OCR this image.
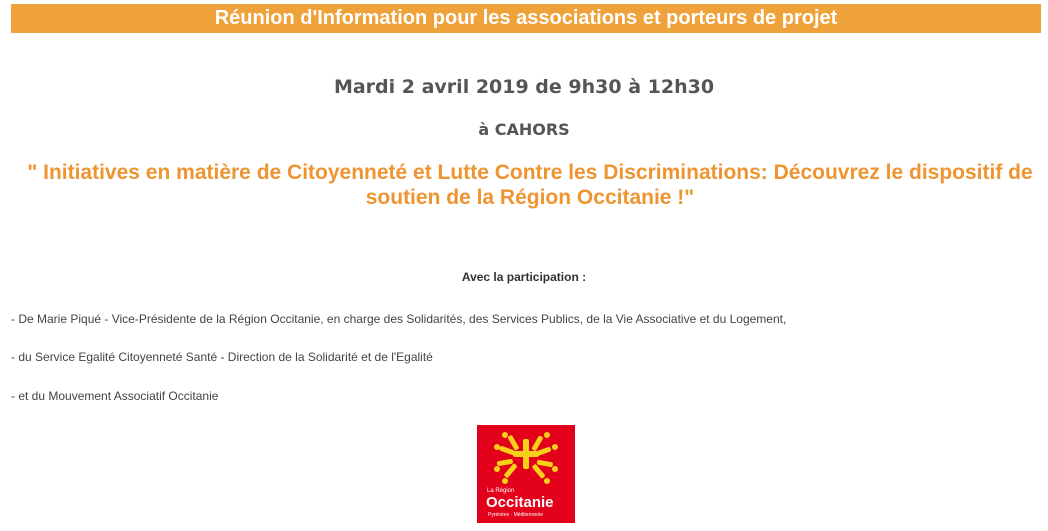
Réunion d'Information pour les associations et porteurs de projet
Mardi 2 avril 2019 de 9h30 à 12h30
à CAHORS
" Initiatives en matière de Citoyenneté et Lutte Contre les Discriminations: Découvrez le dispositif de soutien de la Région Occitanie !"
Avec la participation :
- De Marie Piqué - Vice-Présidente de la Région Occitanie, en charge des Solidarités, des Services Publics, de la Vie Associative et du Logement,
- du Service Egalité Citoyenneté Santé - Direction de la Solidarité et de l'Egalité
- et du Mouvement Associatif Occitanie
La Région
Occitanie
Pyrénées · Méditerranée
